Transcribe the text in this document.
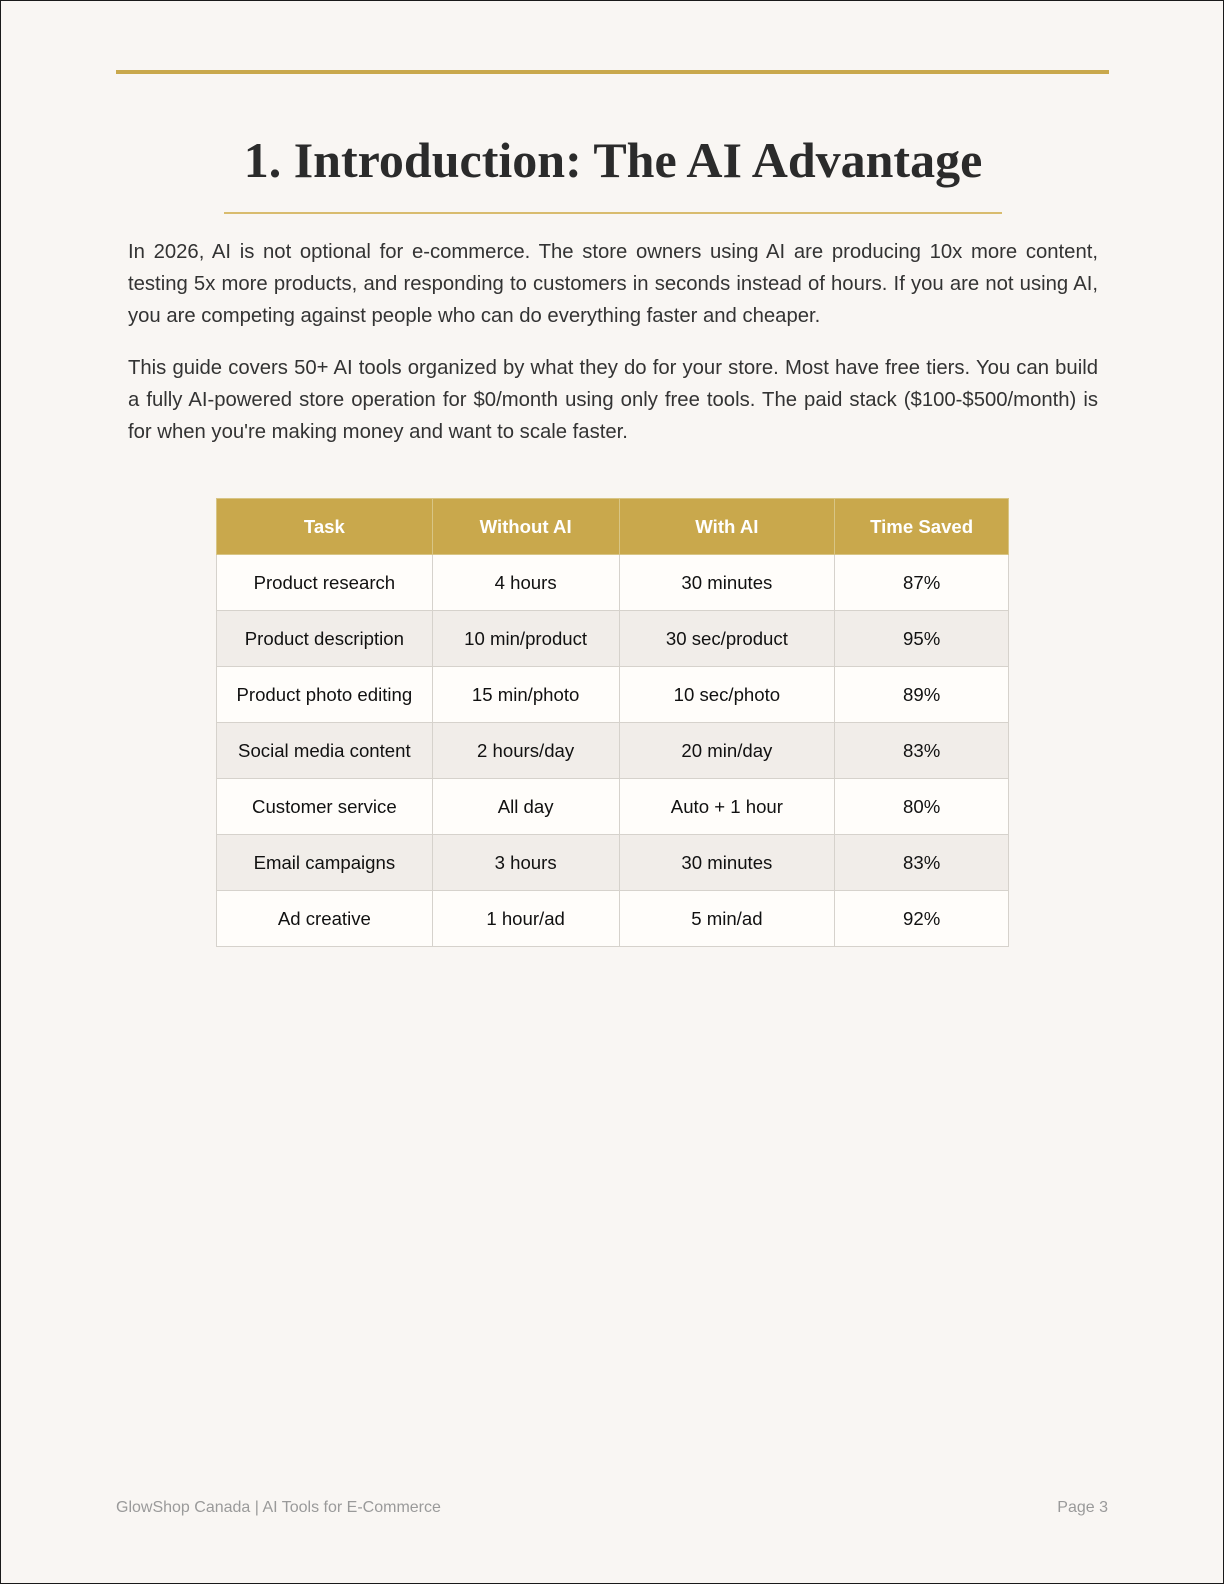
1. Introduction: The AI Advantage

In 2026, AI is not optional for e-commerce. The store owners using AI are producing 10x more content, testing 5x more products, and responding to customers in seconds instead of hours. If you are not using AI, you are competing against people who can do everything faster and cheaper.

This guide covers 50+ AI tools organized by what they do for your store. Most have free tiers. You can build a fully AI-powered store operation for $0/month using only free tools. The paid stack ($100-$500/month) is for when you're making money and want to scale faster.

Task	Without AI	With AI	Time Saved
Product research	4 hours	30 minutes	87%
Product description	10 min/product	30 sec/product	95%
Product photo editing	15 min/photo	10 sec/photo	89%
Social media content	2 hours/day	20 min/day	83%
Customer service	All day	Auto + 1 hour	80%
Email campaigns	3 hours	30 minutes	83%
Ad creative	1 hour/ad	5 min/ad	92%
GlowShop Canada | AI Tools for E-Commerce	Page 3
